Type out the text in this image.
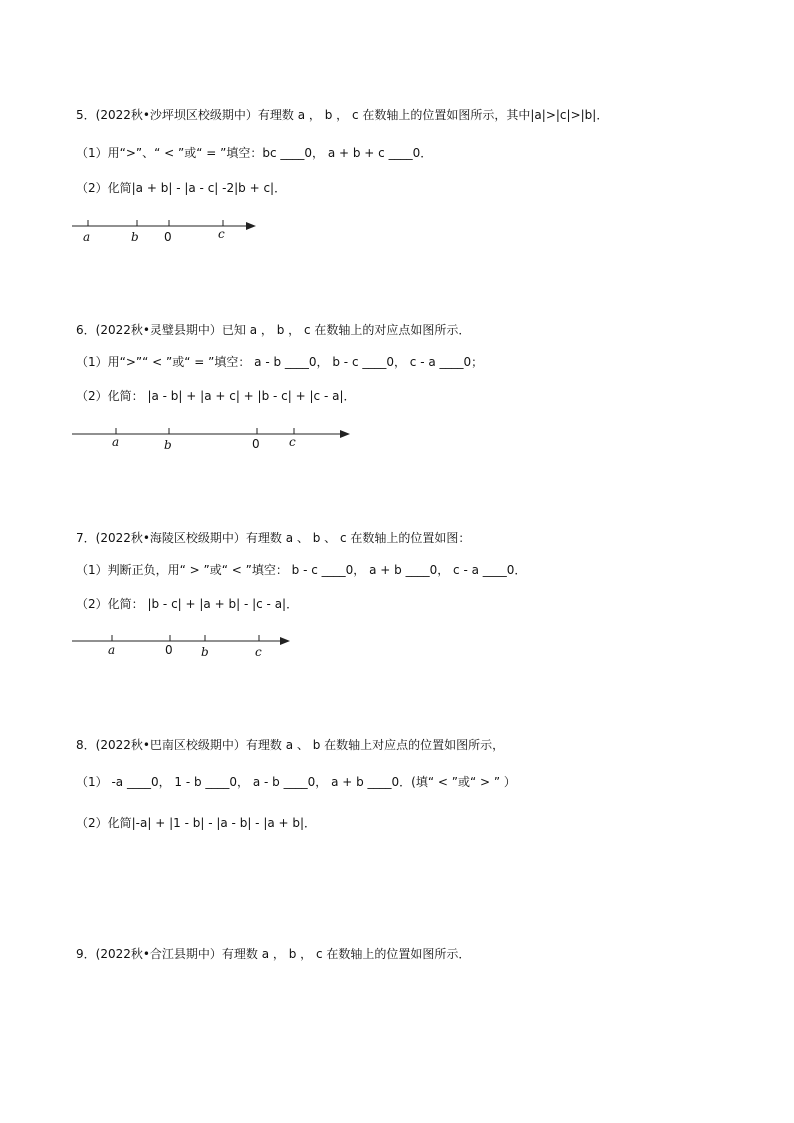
5．(2022秋•沙坪坝区校级期中）有理数 a ， b ， c 在数轴上的位置如图所示，其中|a|>|c|>|b|．
（1）用“>”、“ < ”或“ = ”填空：bc ____0， a + b + c ____0．
（2）化简|a + b| - |a - c| -2|b + c|．
a	b 0	c
6．(2022秋•灵璧县期中）已知 a ， b ， c 在数轴上的对应点如图所示．
（1）用“>”“ < ”或“ = ”填空： a - b ____0， b - c ____0， c - a ____0；
（2）化简： |a - b| + |a + c| + |b - c| + |c - a|．
a	b	0 c
7．(2022秋•海陵区校级期中）有理数 a 、 b 、 c 在数轴上的位置如图：
（1）判断正负，用“ > ”或“ < ”填空： b - c ____0， a + b ____0， c - a ____0．
（2）化简： |b - c| + |a + b| - |c - a|．
a	0 b	c
8．(2022秋•巴南区校级期中）有理数 a 、 b 在数轴上对应点的位置如图所示，
（1） -a ____0， 1 - b ____0， a - b ____0， a + b ____0．(填“ < ”或“ > ” ）
（2）化简|-a| + |1 - b| - |a - b| - |a + b|．
9．(2022秋•合江县期中）有理数 a ， b ， c 在数轴上的位置如图所示．
